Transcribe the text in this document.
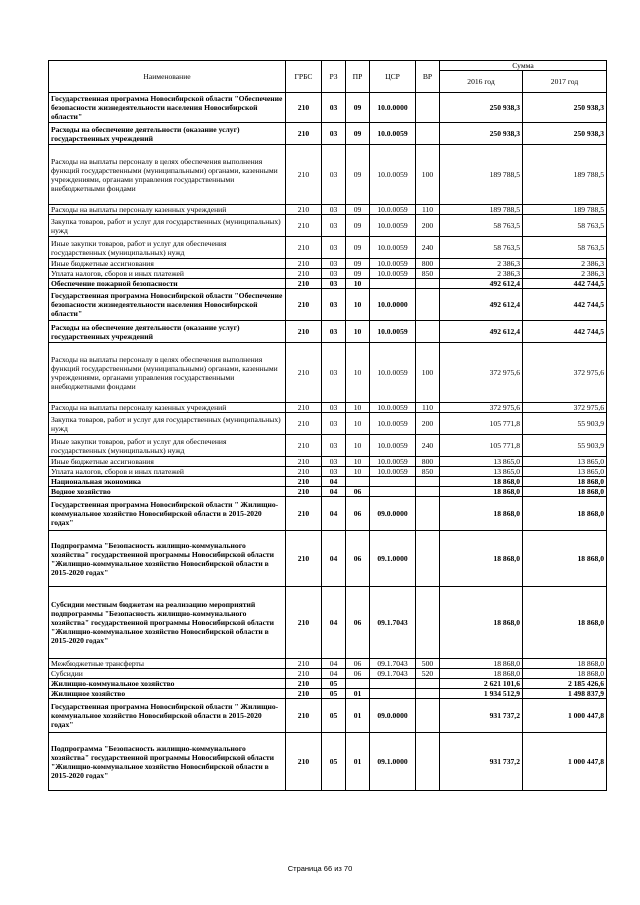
Наименование	ГРБС	РЗ	ПР	ЦСР	ВР	Сумма	
						2016 год	2017 год
Государственная программа Новосибирской области "Обеспечение безопасности жизнедеятельности населения Новосибирской области"	210	03	09	10.0.0000		250 938,3	250 938,3
Расходы на обеспечение деятельности (оказание услуг) государственных учреждений	210	03	09	10.0.0059		250 938,3	250 938,3
Расходы на выплаты персоналу в целях обеспечения выполнения функций государственными (муниципальными) органами, казенными учреждениями, органами управления государственными внебюджетными фондами	210	03	09	10.0.0059	100	189 788,5	189 788,5
Расходы на выплаты персоналу казенных учреждений	210	03	09	10.0.0059	110	189 788,5	189 788,5
Закупка товаров, работ и услуг для государственных (муниципальных) нужд	210	03	09	10.0.0059	200	58 763,5	58 763,5
Иные закупки товаров, работ и услуг для обеспечения государственных (муниципальных) нужд	210	03	09	10.0.0059	240	58 763,5	58 763,5
Иные бюджетные ассигнования	210	03	09	10.0.0059	800	2 386,3	2 386,3
Уплата налогов, сборов и иных платежей	210	03	09	10.0.0059	850	2 386,3	2 386,3
Обеспечение пожарной безопасности	210	03	10			492 612,4	442 744,5
Государственная программа Новосибирской области "Обеспечение безопасности жизнедеятельности населения Новосибирской области"	210	03	10	10.0.0000		492 612,4	442 744,5
Расходы на обеспечение деятельности (оказание услуг) государственных учреждений	210	03	10	10.0.0059		492 612,4	442 744,5
Расходы на выплаты персоналу в целях обеспечения выполнения функций государственными (муниципальными) органами, казенными учреждениями, органами управления государственными внебюджетными фондами	210	03	10	10.0.0059	100	372 975,6	372 975,6
Расходы на выплаты персоналу казенных учреждений	210	03	10	10.0.0059	110	372 975,6	372 975,6
Закупка товаров, работ и услуг для государственных (муниципальных) нужд	210	03	10	10.0.0059	200	105 771,8	55 903,9
Иные закупки товаров, работ и услуг для обеспечения государственных (муниципальных) нужд	210	03	10	10.0.0059	240	105 771,8	55 903,9
Иные бюджетные ассигнования	210	03	10	10.0.0059	800	13 865,0	13 865,0
Уплата налогов, сборов и иных платежей	210	03	10	10.0.0059	850	13 865,0	13 865,0
Национальная экономика	210	04				18 868,0	18 868,0
Водное хозяйство	210	04	06			18 868,0	18 868,0
Государственная программа Новосибирской области " Жилищно-коммунальное хозяйство Новосибирской области в 2015-2020 годах"	210	04	06	09.0.0000		18 868,0	18 868,0
Подпрограмма "Безопасность жилищно-коммунального хозяйства" государственной программы Новосибирской области "Жилищно-коммунальное хозяйство Новосибирской области в 2015-2020 годах"	210	04	06	09.1.0000		18 868,0	18 868,0
Субсидии местным бюджетам на реализацию мероприятий подпрограммы "Безопасность жилищно-коммунального хозяйства" государственной программы Новосибирской области "Жилищно-коммунальное хозяйство Новосибирской области в 2015-2020 годах"	210	04	06	09.1.7043		18 868,0	18 868,0
Межбюджетные трансферты	210	04	06	09.1.7043	500	18 868,0	18 868,0
Субсидии	210	04	06	09.1.7043	520	18 868,0	18 868,0
Жилищно-коммунальное хозяйство	210	05				2 621 101,6	2 185 426,6
Жилищное хозяйство	210	05	01			1 934 512,9	1 498 837,9
Государственная программа Новосибирской области " Жилищно-коммунальное хозяйство Новосибирской области в 2015-2020 годах"	210	05	01	09.0.0000		931 737,2	1 000 447,8
Подпрограмма "Безопасность жилищно-коммунального хозяйства" государственной программы Новосибирской области "Жилищно-коммунальное хозяйство Новосибирской области в 2015-2020 годах"	210	05	01	09.1.0000		931 737,2	1 000 447,8
Страница 66 из 70
